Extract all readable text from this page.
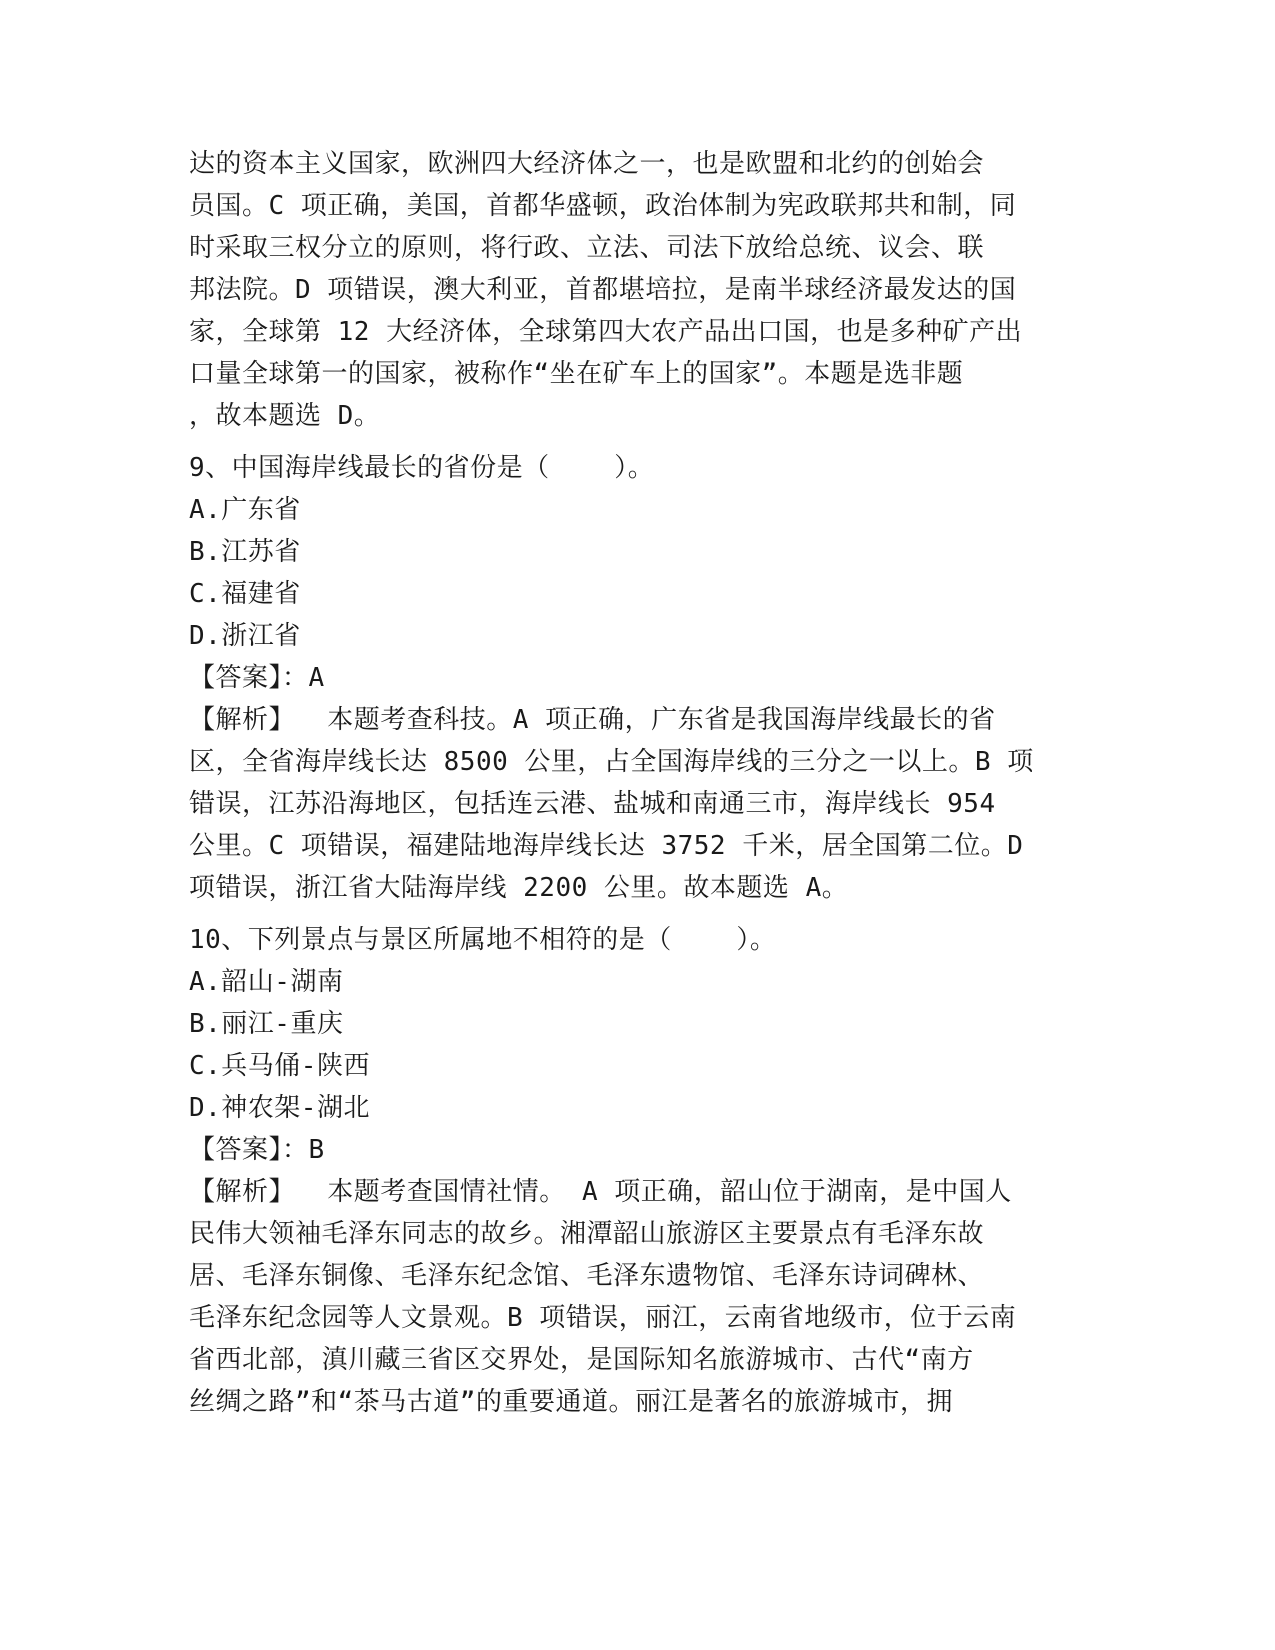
达的资本主义国家，欧洲四大经济体之一，也是欧盟和北约的创始会
员国。C 项正确，美国，首都华盛顿，政治体制为宪政联邦共和制，同
时采取三权分立的原则，将行政、立法、司法下放给总统、议会、联
邦法院。D 项错误，澳大利亚，首都堪培拉，是南半球经济最发达的国
家，全球第 12 大经济体，全球第四大农产品出口国，也是多种矿产出
口量全球第一的国家，被称作“坐在矿车上的国家”。本题是选非题
，故本题选 D。
9、中国海岸线最长的省份是（    ）。
A.广东省
B.江苏省
C.福建省
D.浙江省
【答案】：A
【解析】  本题考查科技。A 项正确，广东省是我国海岸线最长的省
区，全省海岸线长达 8500 公里，占全国海岸线的三分之一以上。B 项
错误，江苏沿海地区，包括连云港、盐城和南通三市，海岸线长 954
公里。C 项错误，福建陆地海岸线长达 3752 千米，居全国第二位。D
项错误，浙江省大陆海岸线 2200 公里。故本题选 A。
10、下列景点与景区所属地不相符的是（    ）。
A.韶山-湖南
B.丽江-重庆
C.兵马俑-陕西
D.神农架-湖北
【答案】：B
【解析】  本题考查国情社情。 A 项正确，韶山位于湖南，是中国人
民伟大领袖毛泽东同志的故乡。湘潭韶山旅游区主要景点有毛泽东故
居、毛泽东铜像、毛泽东纪念馆、毛泽东遗物馆、毛泽东诗词碑林、
毛泽东纪念园等人文景观。B 项错误，丽江，云南省地级市，位于云南
省西北部，滇川藏三省区交界处，是国际知名旅游城市、古代“南方
丝绸之路”和“茶马古道”的重要通道。丽江是著名的旅游城市，拥
